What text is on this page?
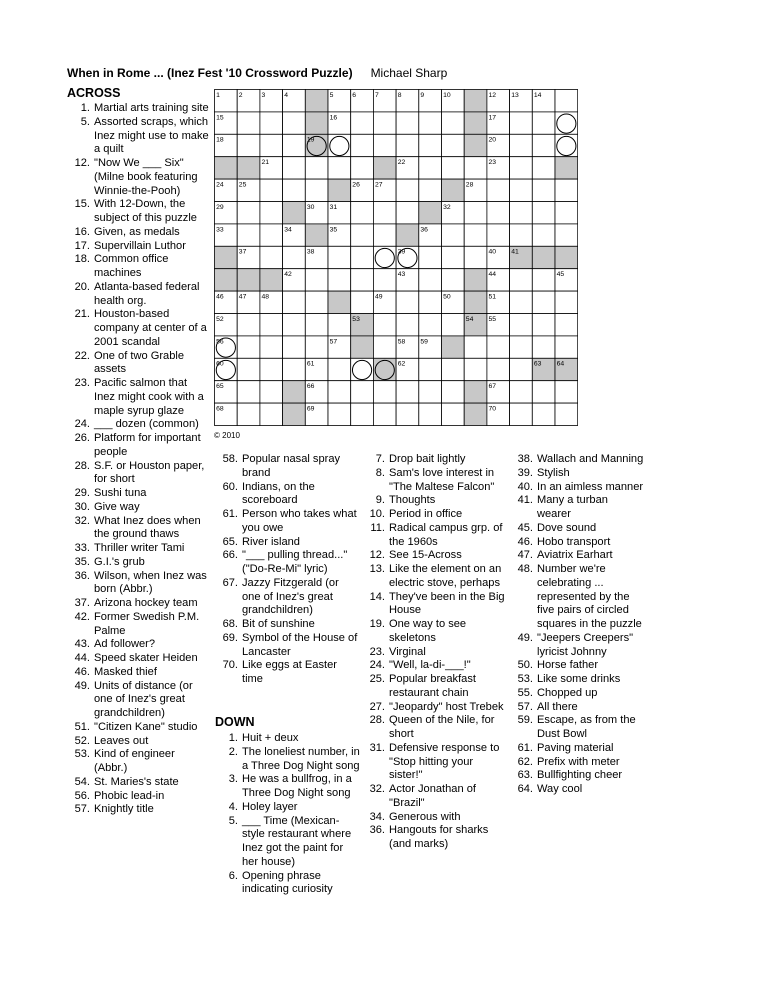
When in Rome ... (Inez Fest '10 Crossword Puzzle) Michael Sharp
ACROSS
1. Martial arts training site
5. Assorted scraps, which Inez might use to make a quilt
12. "Now We ___ Six" (Milne book featuring Winnie-the-Pooh)
15. With 12-Down, the subject of this puzzle
16. Given, as medals
17. Supervillain Luthor
18. Common office machines
20. Atlanta-based federal health org.
21. Houston-based company at center of a 2001 scandal
22. One of two Grable assets
23. Pacific salmon that Inez might cook with a maple syrup glaze
24. ___ dozen (common)
26. Platform for important people
28. S.F. or Houston paper, for short
29. Sushi tuna
30. Give way
32. What Inez does when the ground thaws
33. Thriller writer Tami
35. G.I.'s grub
36. Wilson, when Inez was born (Abbr.)
37. Arizona hockey team
42. Former Swedish P.M. Palme
43. Ad follower?
44. Speed skater Heiden
46. Masked thief
49. Units of distance (or one of Inez's great grandchildren)
51. "Citizen Kane" studio
52. Leaves out
53. Kind of engineer (Abbr.)
54. St. Maries's state
56. Phobic lead-in
57. Knightly title
1	2	3	4	5	6	7	8	9	10	12 13 14
15	16	17
18	19	20
21	22	23
24 25	26 27	28
29	30 31	32
33	34	35	36
37	38	39	40 41
42	43	44	45
46 47 48	49	50	51
52	53	54 55
56	57	58 59
60	61	62	63 64
65	66	67
68	69	70
© 2010
58. Popular nasal spray brand
60. Indians, on the scoreboard
61. Person who takes what you owe
65. River island
66. "___ pulling thread..." ("Do-Re-Mi" lyric)
67. Jazzy Fitzgerald (or one of Inez's great grandchildren)
68. Bit of sunshine
69. Symbol of the House of Lancaster
70. Like eggs at Easter time
DOWN
1. Huit + deux
2. The loneliest number, in a Three Dog Night song
3. He was a bullfrog, in a Three Dog Night song
4. Holey layer
5. ___ Time (Mexican-style restaurant where Inez got the paint for her house)
6. Opening phrase indicating curiosity
7. Drop bait lightly
8. Sam's love interest in "The Maltese Falcon"
9. Thoughts
10. Period in office
11. Radical campus grp. of the 1960s
12. See 15-Across
13. Like the element on an electric stove, perhaps
14. They've been in the Big House
19. One way to see skeletons
23. Virginal
24. "Well, la-di-___!"
25. Popular breakfast restaurant chain
27. "Jeopardy" host Trebek
28. Queen of the Nile, for short
31. Defensive response to "Stop hitting your sister!"
32. Actor Jonathan of "Brazil"
34. Generous with
36. Hangouts for sharks (and marks)
38. Wallach and Manning
39. Stylish
40. In an aimless manner
41. Many a turban wearer
45. Dove sound
46. Hobo transport
47. Aviatrix Earhart
48. Number we're celebrating ... represented by the five pairs of circled squares in the puzzle
49. "Jeepers Creepers" lyricist Johnny
50. Horse father
53. Like some drinks
55. Chopped up
57. All there
59. Escape, as from the Dust Bowl
61. Paving material
62. Prefix with meter
63. Bullfighting cheer
64. Way cool
